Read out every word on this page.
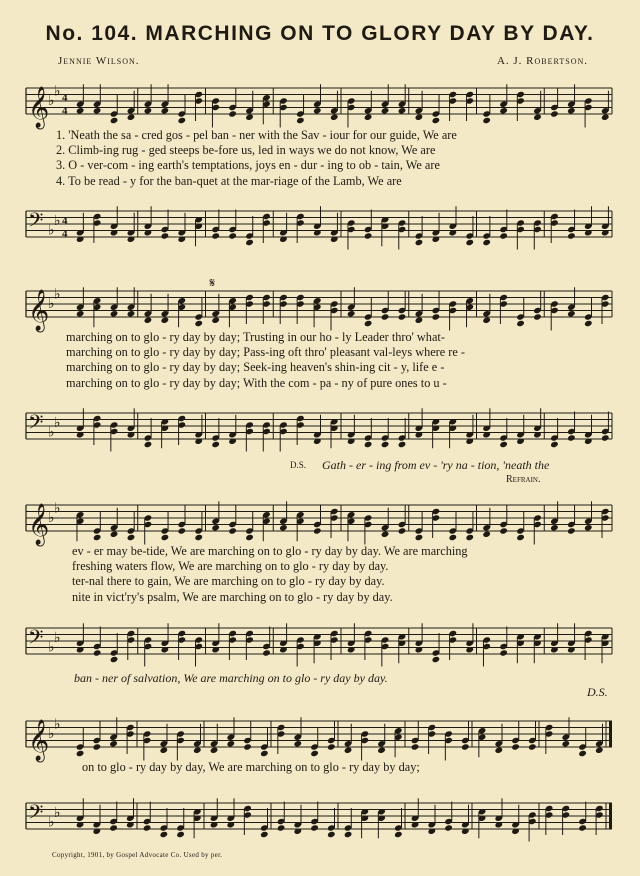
No. 104. MARCHING ON TO GLORY DAY BY DAY.
Jennie Wilson.	A. J. Robertson.
𝄞
♭
♭ 4
4
1. 'Neath the sa - cred gos - pel ban - ner with the Sav - iour for our guide, We are
2. Climb-ing rug - ged steeps be-fore us, led in ways we do not know, We are
3. O - ver-com - ing earth's temptations, joys en - dur - ing to ob - tain, We are
4. To be read - y for the ban-quet at the mar-riage of the Lamb, We are
𝄢 ♭
♭ 4
4
𝄞
♭
♭
𝄋
marching on to glo - ry day by day; Trusting in our ho - ly Leader thro' what-
marching on to glo - ry day by day; Pass-ing oft thro' pleasant val-leys where re -
marching on to glo - ry day by day; Seek-ing heaven's shin-ing cit - y, life e -
marching on to glo - ry day by day; With the com - pa - ny of pure ones to u -
𝄢 ♭
♭
D.S. Gath - er - ing from ev - 'ry na - tion, 'neath the
Refrain.
𝄞
♭
♭
ev - er may be-tide, We are marching on to glo - ry day by day. We are marching
freshing waters flow, We are marching on to glo - ry day by day.
ter-nal there to gain, We are marching on to glo - ry day by day.
nite in vict'ry's psalm, We are marching on to glo - ry day by day.
𝄢 ♭
♭
ban - ner of salvation, We are marching on to glo - ry day by day.
D.S.
𝄞
♭
♭
on to glo - ry day by day, We are marching on to glo - ry day by day;
𝄢 ♭
♭
Copyright, 1901, by Gospel Advocate Co. Used by per.
